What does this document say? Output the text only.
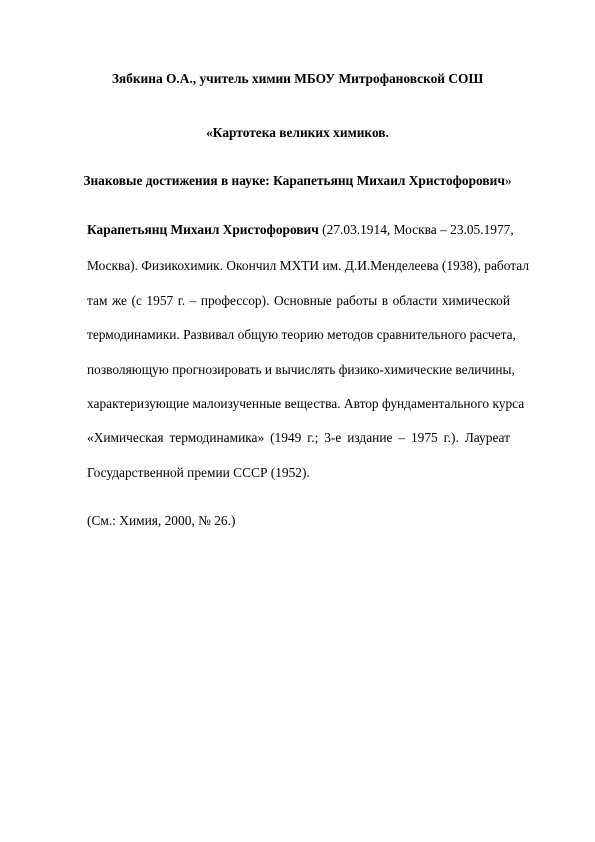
Зябкина О.А., учитель химии МБОУ Митрофановской СОШ
«Картотека великих химиков.
Знаковые достижения в науке: Карапетьянц Михаил Христофорович»
Карапетьянц Михаил Христофорович (27.03.1914, Москва – 23.05.1977,
Москва). Физикохимик. Окончил МХТИ им. Д.И.Менделеева (1938), работал
там же (с 1957 г. – профессор). Основные работы в области химической
термодинамики. Развивал общую теорию методов сравнительного расчета,
позволяющую прогнозировать и вычислять физико-химические величины,
характеризующие малоизученные вещества. Автор фундаментального курса
«Химическая термодинамика» (1949 г.; 3-е издание – 1975 г.). Лауреат
Государственной премии СССР (1952).
(См.: Химия, 2000, № 26.)
